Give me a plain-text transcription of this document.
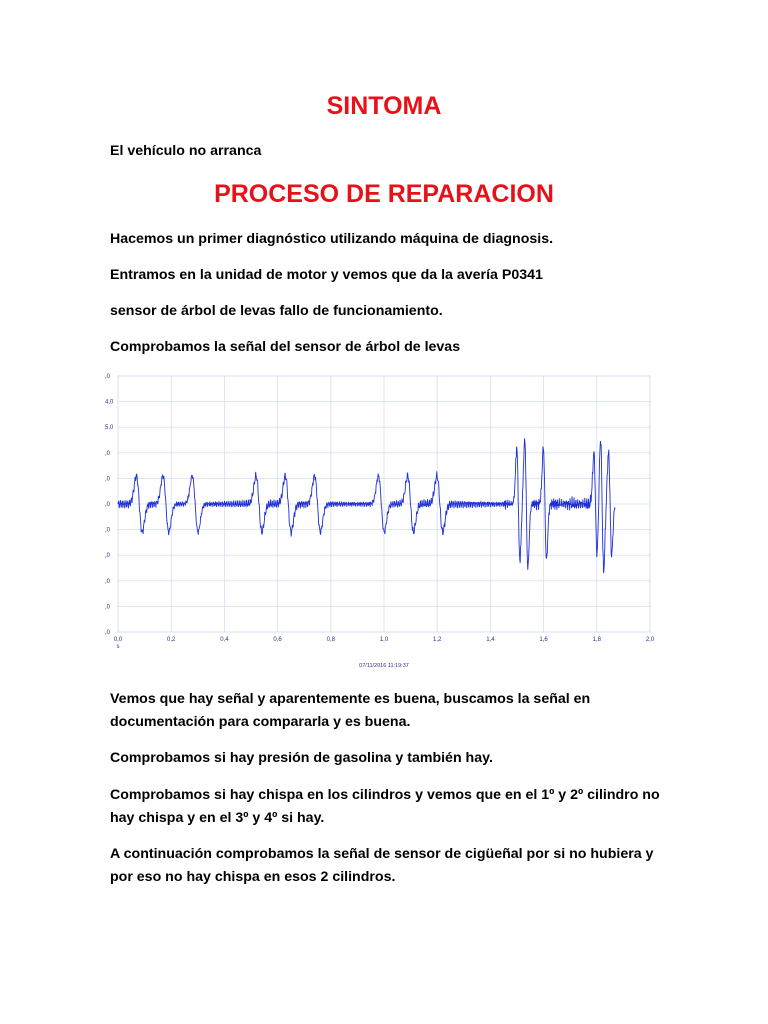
SINTOMA

El vehículo no arranca

PROCESO DE REPARACION

Hacemos un primer diagnóstico utilizando máquina de diagnosis.

Entramos en la unidad de motor y vemos que da la avería P0341

sensor de árbol de levas fallo de funcionamiento.

Comprobamos la señal del sensor de árbol de levas

0,0	0,2	0,4	0,6	0,8	1,0	1,2	1,4	1,6	1,8	2,0
,0
,0
,0
,0
,0
,0
,0
,0
5,0
4,0
,0
s
07/11/2016 11:19:37

Vemos que hay señal y aparentemente es buena, buscamos la señal en documentación para compararla y es buena.

Comprobamos si hay presión de gasolina y también hay.

Comprobamos si hay chispa en los cilindros y vemos que en el 1º y 2º cilindro no hay chispa y en el 3º y 4º si hay.

A continuación comprobamos la señal de sensor de cigüeñal por si no hubiera y por eso no hay chispa en esos 2 cilindros.
